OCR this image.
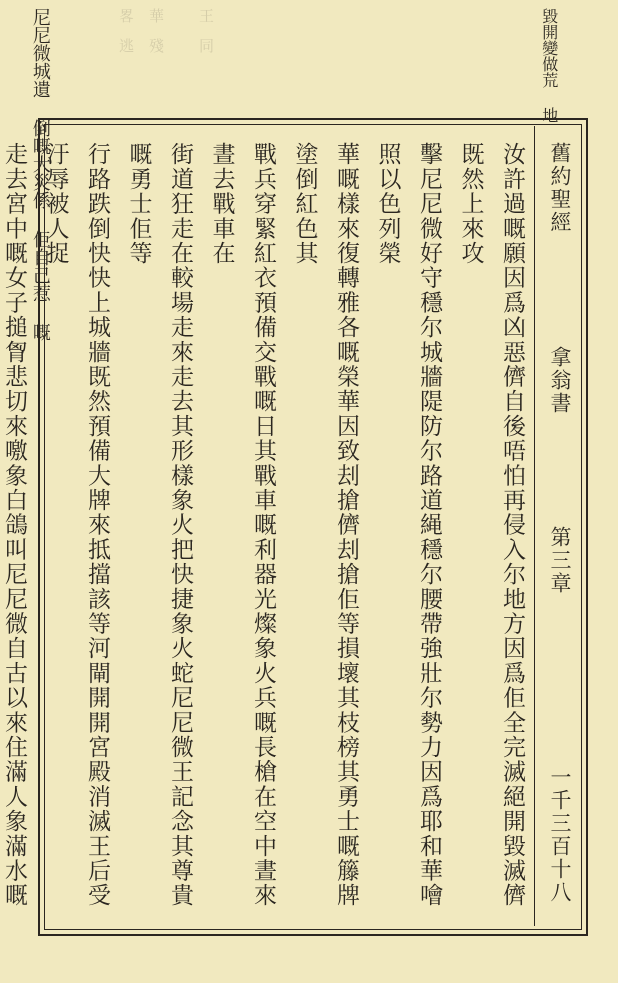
王　同
華　殘
畧　逃	毀開變做荒 地
尼尼微城遺 倒嘅大災係 佢自己惹 嘅
舊約聖經
拿翁書
第三章
一千三百十八

汝許過嘅願因爲凶惡儕自後唔怕再侵入尔地方因爲佢全完滅絕開毀滅儕既然上來攻

擊尼尼微好守穩尔城牆隄防尔路道䋲穩尔腰帶強壯尔勢力因爲耶和華噲照以色列榮

華嘅樣來復轉雅各嘅榮華因致刦搶儕刦搶佢等損壞其枝榜其勇士嘅籐牌塗倒紅色其

戰兵穿緊紅衣預備交戰嘅日其戰車嘅利器光燦象火兵嘅長槍在空中晝來晝去戰車在

街道狂走在較場走來走去其形樣象火把快捷象火蛇尼尼微王記念其尊貴嘅勇士佢等

行路跌倒快快上城牆既然預備大牌來抵擋該等河閘開開宮殿消滅王后受汙辱被人捉

走去宮中嘅女子搥胷悲切來噭象白鴿叫尼尼微自古以來住滿人象滿水嘅
